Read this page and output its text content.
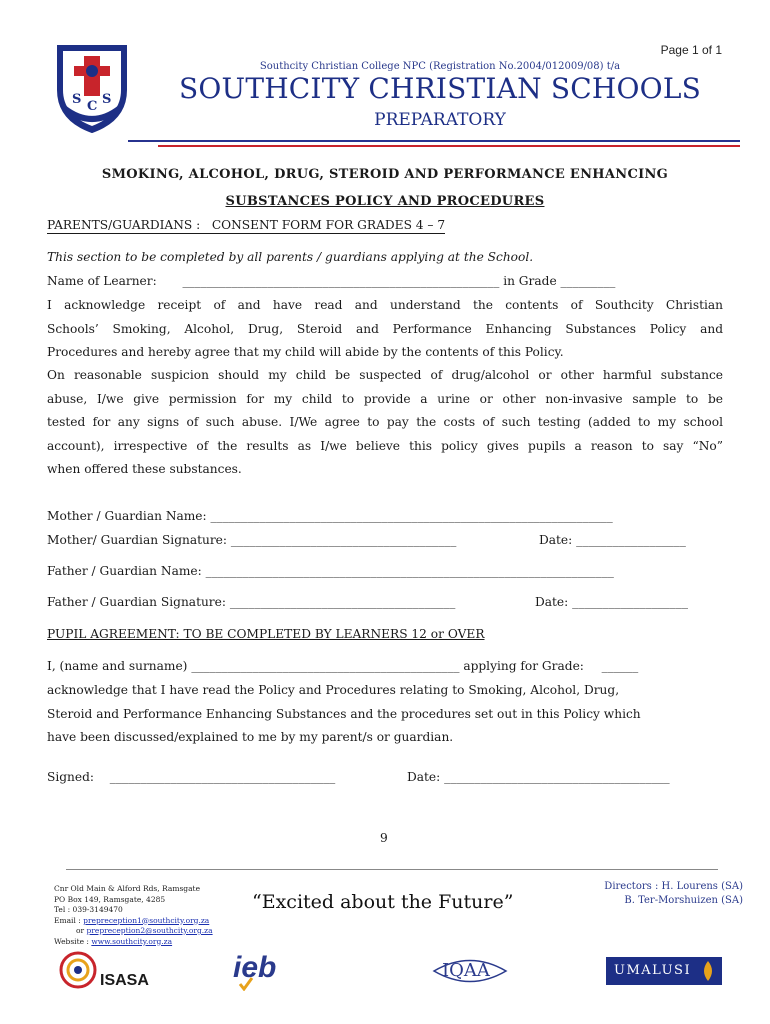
Page 1 of 1
S C S
Southcity Christian College NPC (Registration No.2004/012009/08) t/a
SOUTHCITY CHRISTIAN SCHOOLS
PREPARATORY
SMOKING, ALCOHOL, DRUG, STEROID AND PERFORMANCE ENHANCING
SUBSTANCES POLICY AND PROCEDURES
PARENTS/GUARDIANS :   CONSENT FORM FOR GRADES 4 – 7
This section to be completed by all parents / guardians applying at the School.
Name of Learner: ____________________________________________________ in Grade _________
I acknowledge receipt of and have read and understand the contents of Southcity Christian
Schools’ Smoking, Alcohol, Drug, Steroid and Performance Enhancing Substances Policy and
Procedures and hereby agree that my child will abide by the contents of this Policy.
On reasonable suspicion should my child be suspected of drug/alcohol or other harmful substance
abuse, I/we give permission for my child to provide a urine or other non-invasive sample to be
tested for any signs of such abuse. I/We agree to pay the costs of such testing (added to my school
account), irrespective of the results as I/we believe this policy gives pupils a reason to say “No”
when offered these substances.
Mother / Guardian Name: __________________________________________________________________
Mother/ Guardian Signature: _____________________________________	Date: __________________
Father / Guardian Name: ___________________________________________________________________
Father / Guardian Signature: _____________________________________	Date: ___________________
PUPIL AGREEMENT: TO BE COMPLETED BY LEARNERS 12 or OVER
I, (name and surname) ____________________________________________ applying for Grade: ______
acknowledge that I have read the Policy and Procedures relating to Smoking, Alcohol, Drug,
Steroid and Performance Enhancing Substances and the procedures set out in this Policy which
have been discussed/explained to me by my parent/s or guardian.
Signed: _____________________________________	Date: _____________________________________
9
Cnr Old Main & Alford Rds, Ramsgate
PO Box 149, Ramsgate, 4285
Tel : 039-3149470
Email : prepreception1@southcity.org.za
or prepreception2@southcity.org.za
Website : www.southcity.org.za
“Excited about the Future”
Directors : H. Lourens (SA)
B. Ter-Morshuizen (SA)
ISASA	ieb	IQAA	UMALUSI
